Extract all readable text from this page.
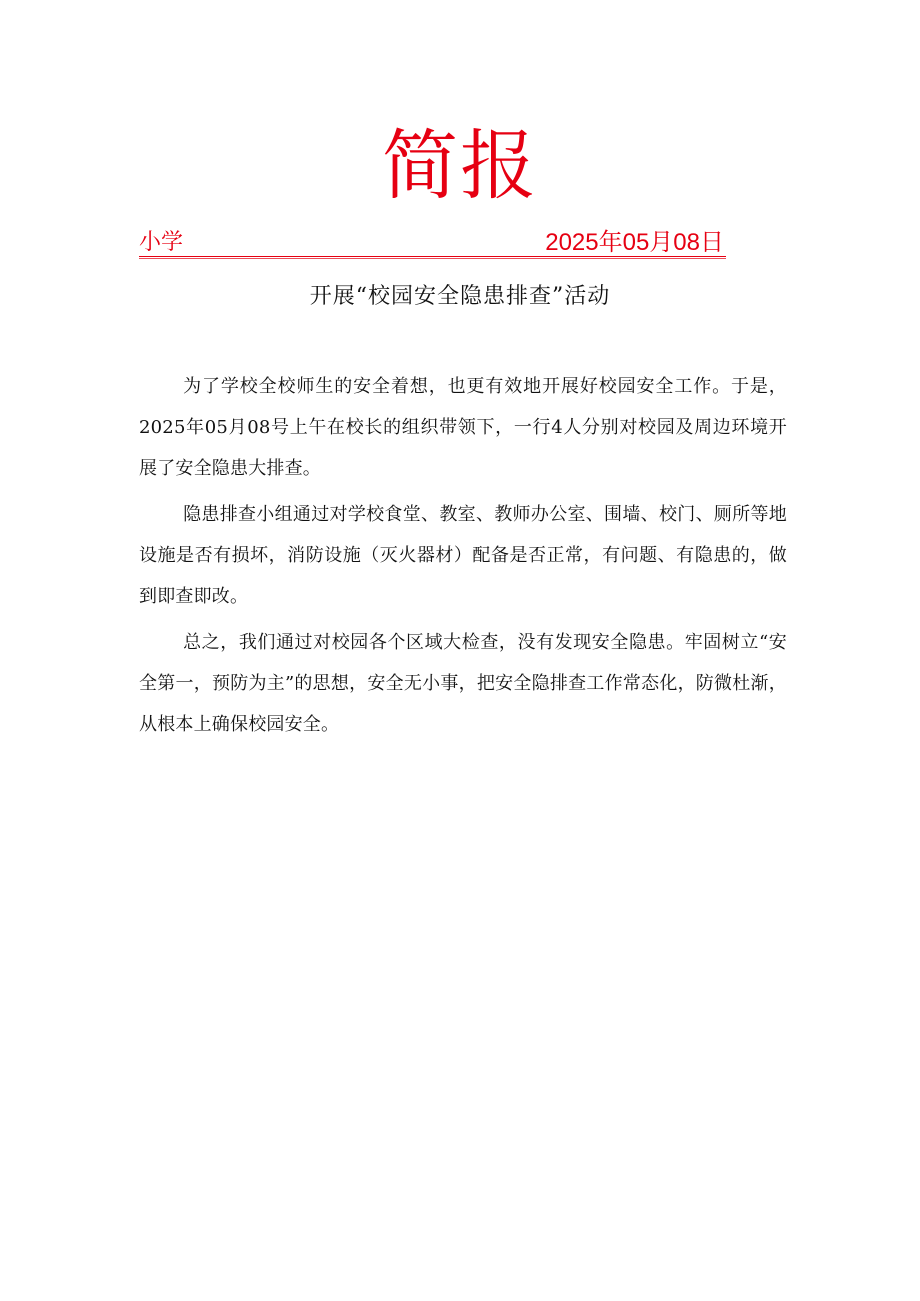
简报
小学	2025年05月08日
开展“校园安全隐患排查”活动

为了学校全校师生的安全着想，也更有效地开展好校园安全工作。于是，2025年05月08号上午在校长的组织带领下，一行4人分别对校园及周边环境开展了安全隐患大排查。

隐患排查小组通过对学校食堂、教室、教师办公室、围墙、校门、厕所等地设施是否有损坏，消防设施（灭火器材）配备是否正常，有问题、有隐患的，做到即查即改。

总之，我们通过对校园各个区域大检查，没有发现安全隐患。牢固树立“安全第一，预防为主”的思想，安全无小事，把安全隐排查工作常态化，防微杜渐，从根本上确保校园安全。
